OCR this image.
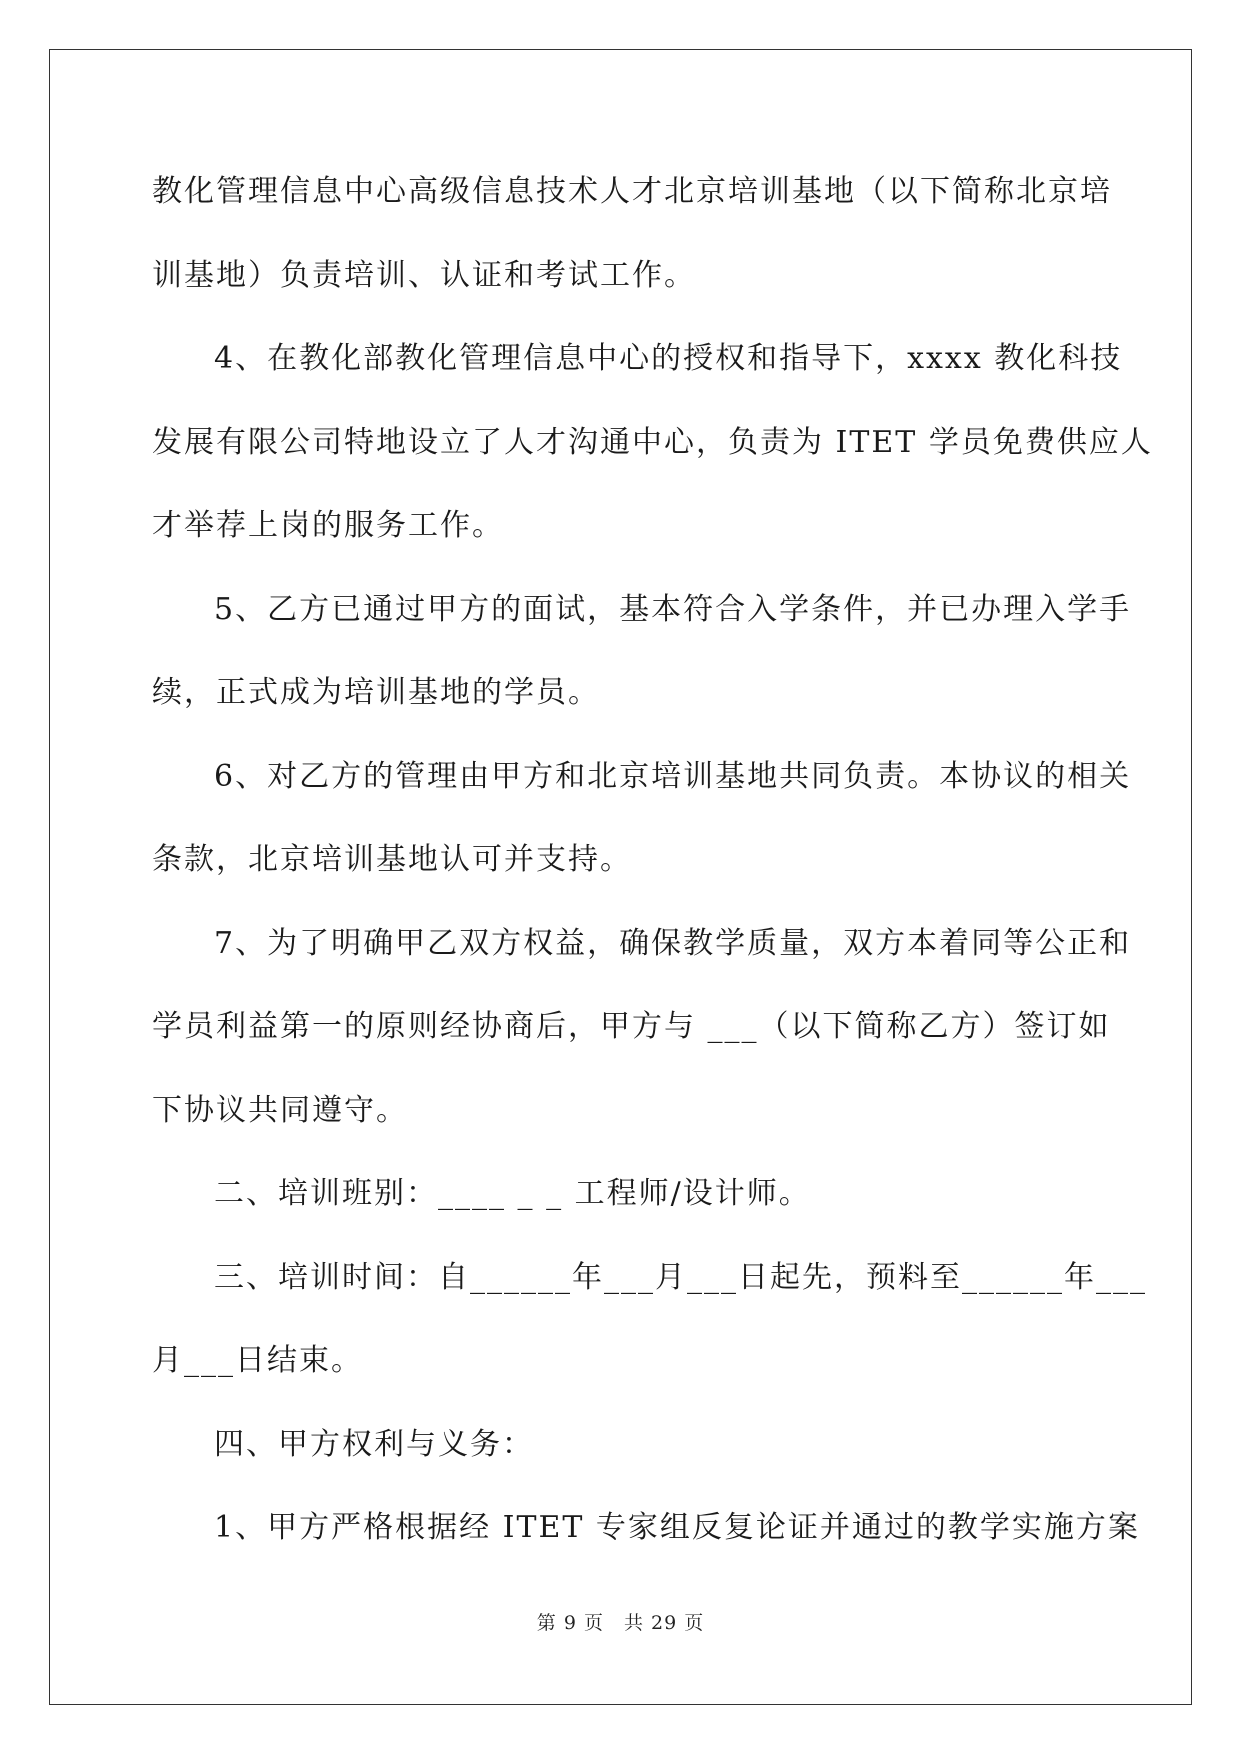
教化管理信息中心高级信息技术人才北京培训基地（以下简称北京培
训基地）负责培训、认证和考试工作。
4、在教化部教化管理信息中心的授权和指导下，xxxx 教化科技
发展有限公司特地设立了人才沟通中心，负责为 ITET 学员免费供应人
才举荐上岗的服务工作。
5、乙方已通过甲方的面试，基本符合入学条件，并已办理入学手
续，正式成为培训基地的学员。
6、对乙方的管理由甲方和北京培训基地共同负责。本协议的相关
条款，北京培训基地认可并支持。
7、为了明确甲乙双方权益，确保教学质量，双方本着同等公正和
学员利益第一的原则经协商后，甲方与 ___（以下简称乙方）签订如
下协议共同遵守。
二、培训班别：____ _ _ 工程师/设计师。
三、培训时间：自______年___月___日起先，预料至______年___
月___日结束。
四、甲方权利与义务：
1、甲方严格根据经 ITET 专家组反复论证并通过的教学实施方案

第 9 页 共 29 页
